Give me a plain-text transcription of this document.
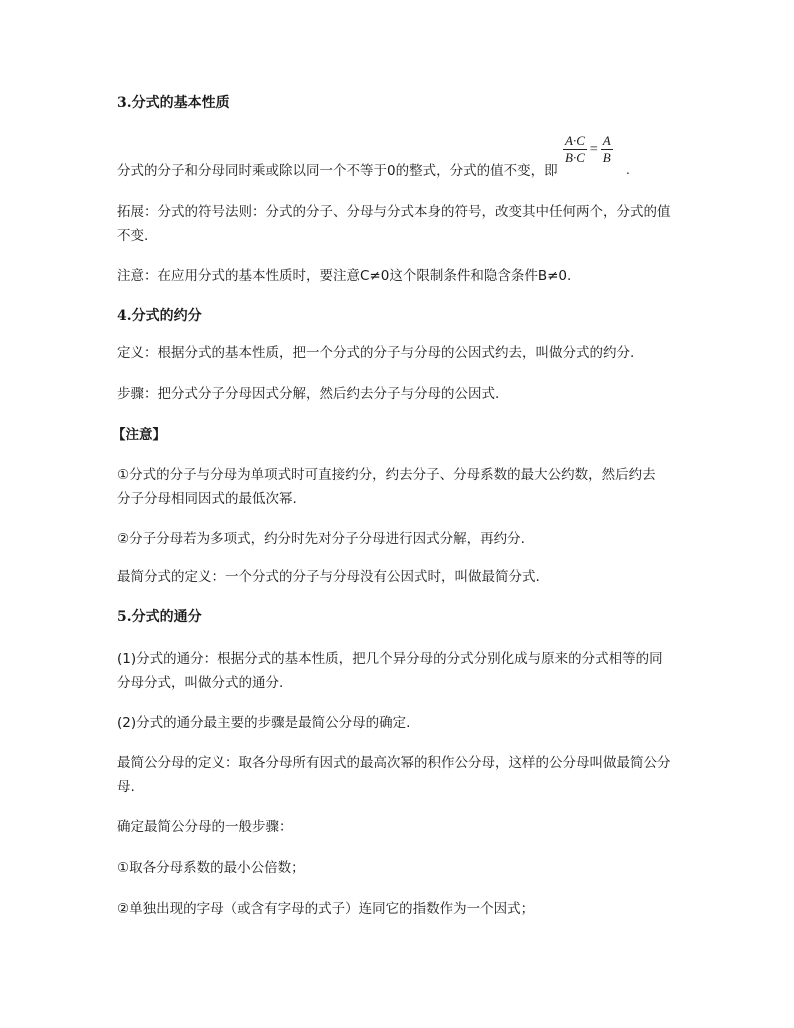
3.分式的基本性质
$\frac{A\cdot C}{B\cdot C} = \frac{A}{B}$
.
分式的分子和分母同时乘或除以同一个不等于0的整式，分式的值不变，即
拓展：分式的符号法则：分式的分子、分母与分式本身的符号，改变其中任何两个，分式的值
不变.
注意：在应用分式的基本性质时，要注意C≠0这个限制条件和隐含条件B≠0.
4.分式的约分
定义：根据分式的基本性质，把一个分式的分子与分母的公因式约去，叫做分式的约分.
步骤：把分式分子分母因式分解，然后约去分子与分母的公因式.
【注意】
①分式的分子与分母为单项式时可直接约分，约去分子、分母系数的最大公约数，然后约去
分子分母相同因式的最低次幂.
②分子分母若为多项式，约分时先对分子分母进行因式分解，再约分.
最简分式的定义：一个分式的分子与分母没有公因式时，叫做最简分式.
5.分式的通分
(1)分式的通分：根据分式的基本性质，把几个异分母的分式分别化成与原来的分式相等的同
分母分式，叫做分式的通分.
(2)分式的通分最主要的步骤是最简公分母的确定.
最简公分母的定义：取各分母所有因式的最高次幂的积作公分母，这样的公分母叫做最简公分
母.
确定最简公分母的一般步骤：
①取各分母系数的最小公倍数；
②单独出现的字母（或含有字母的式子）连同它的指数作为一个因式；
